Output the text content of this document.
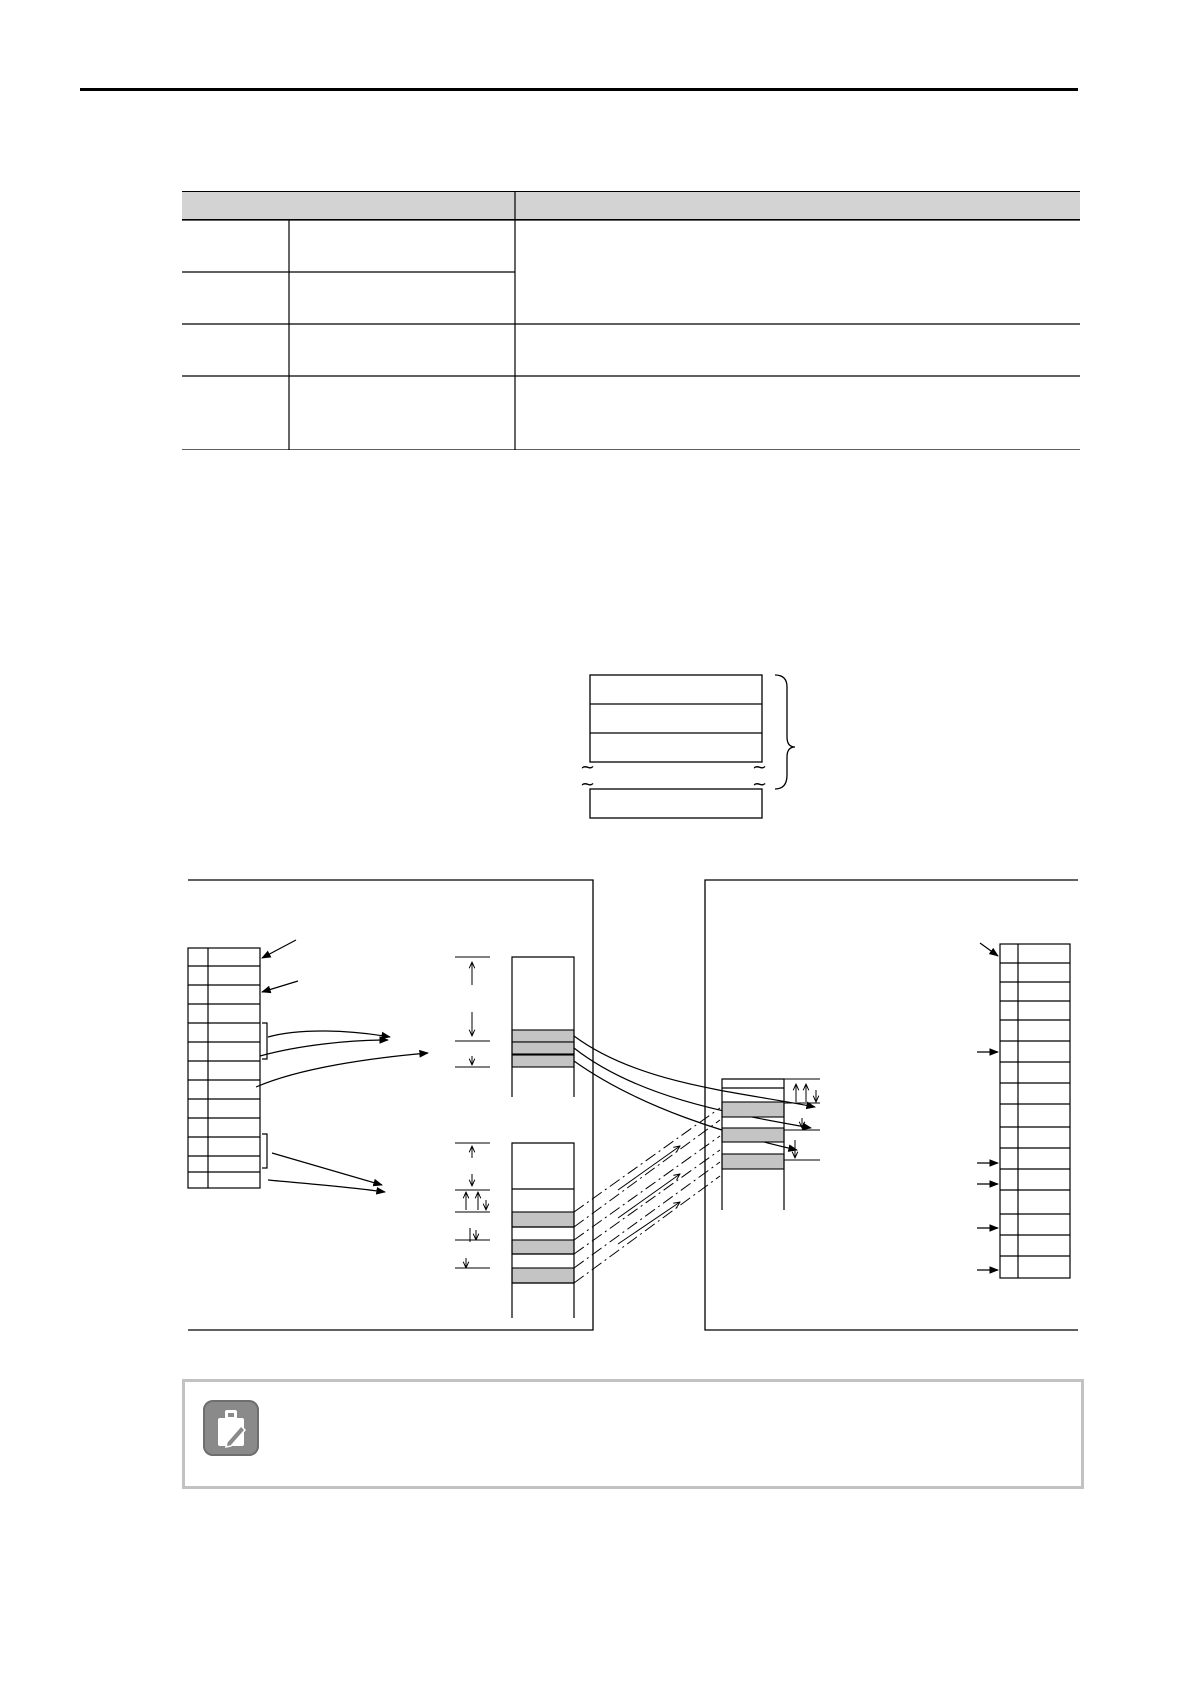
~	~
~	~
